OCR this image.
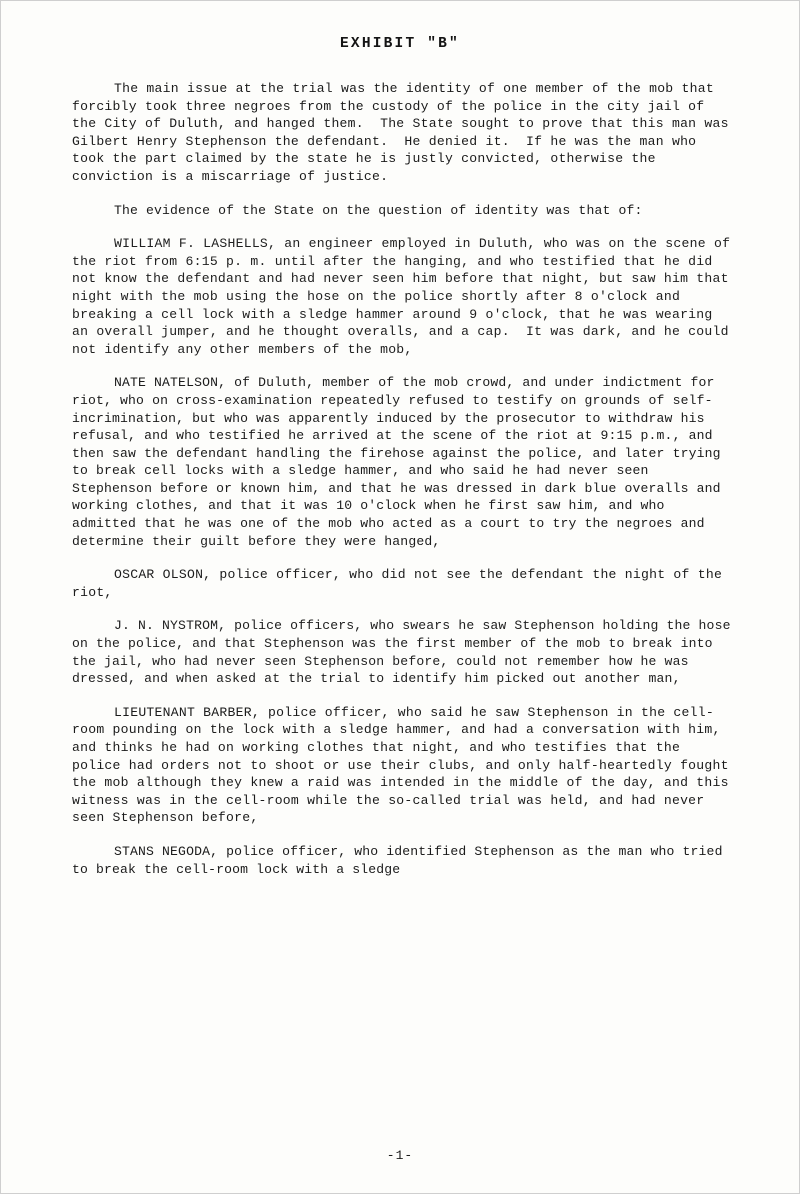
EXHIBIT "B"

The main issue at the trial was the identity of one member of the mob that forcibly took three negroes from the custody of the police in the city jail of the City of Duluth, and hanged them.  The State sought to prove that this man was Gilbert Henry Stephenson the defendant.  He denied it.  If he was the man who took the part claimed by the state he is justly convicted, otherwise the conviction is a miscarriage of justice.

The evidence of the State on the question of identity was that of:

WILLIAM F. LASHELLS, an engineer employed in Duluth, who was on the scene of the riot from 6:15 p. m. until after the hanging, and who testified that he did not know the defendant and had never seen him before that night, but saw him that night with the mob using the hose on the police shortly after 8 o'clock and breaking a cell lock with a sledge hammer around 9 o'clock, that he was wearing an overall jumper, and he thought overalls, and a cap.  It was dark, and he could not identify any other members of the mob,

NATE NATELSON, of Duluth, member of the mob crowd, and under indictment for riot, who on cross-examination repeatedly refused to testify on grounds of self-incrimination, but who was apparently induced by the prosecutor to withdraw his refusal, and who testified he arrived at the scene of the riot at 9:15 p.m., and then saw the defendant handling the firehose against the police, and later trying to break cell locks with a sledge hammer, and who said he had never seen Stephenson before or known him, and that he was dressed in dark blue overalls and working clothes, and that it was 10 o'clock when he first saw him, and who admitted that he was one of the mob who acted as a court to try the negroes and determine their guilt before they were hanged,

OSCAR OLSON, police officer, who did not see the defendant the night of the riot,

J. N. NYSTROM, police officers, who swears he saw Stephenson holding the hose on the police, and that Stephenson was the first member of the mob to break into the jail, who had never seen Stephenson before, could not remember how he was dressed, and when asked at the trial to identify him picked out another man,

LIEUTENANT BARBER, police officer, who said he saw Stephenson in the cell-room pounding on the lock with a sledge hammer, and had a conversation with him, and thinks he had on working clothes that night, and who testifies that the police had orders not to shoot or use their clubs, and only half-heartedly fought the mob although they knew a raid was intended in the middle of the day, and this witness was in the cell-room while the so-called trial was held, and had never seen Stephenson before,

STANS NEGODA, police officer, who identified Stephenson as the man who tried to break the cell-room lock with a sledge

-1-
